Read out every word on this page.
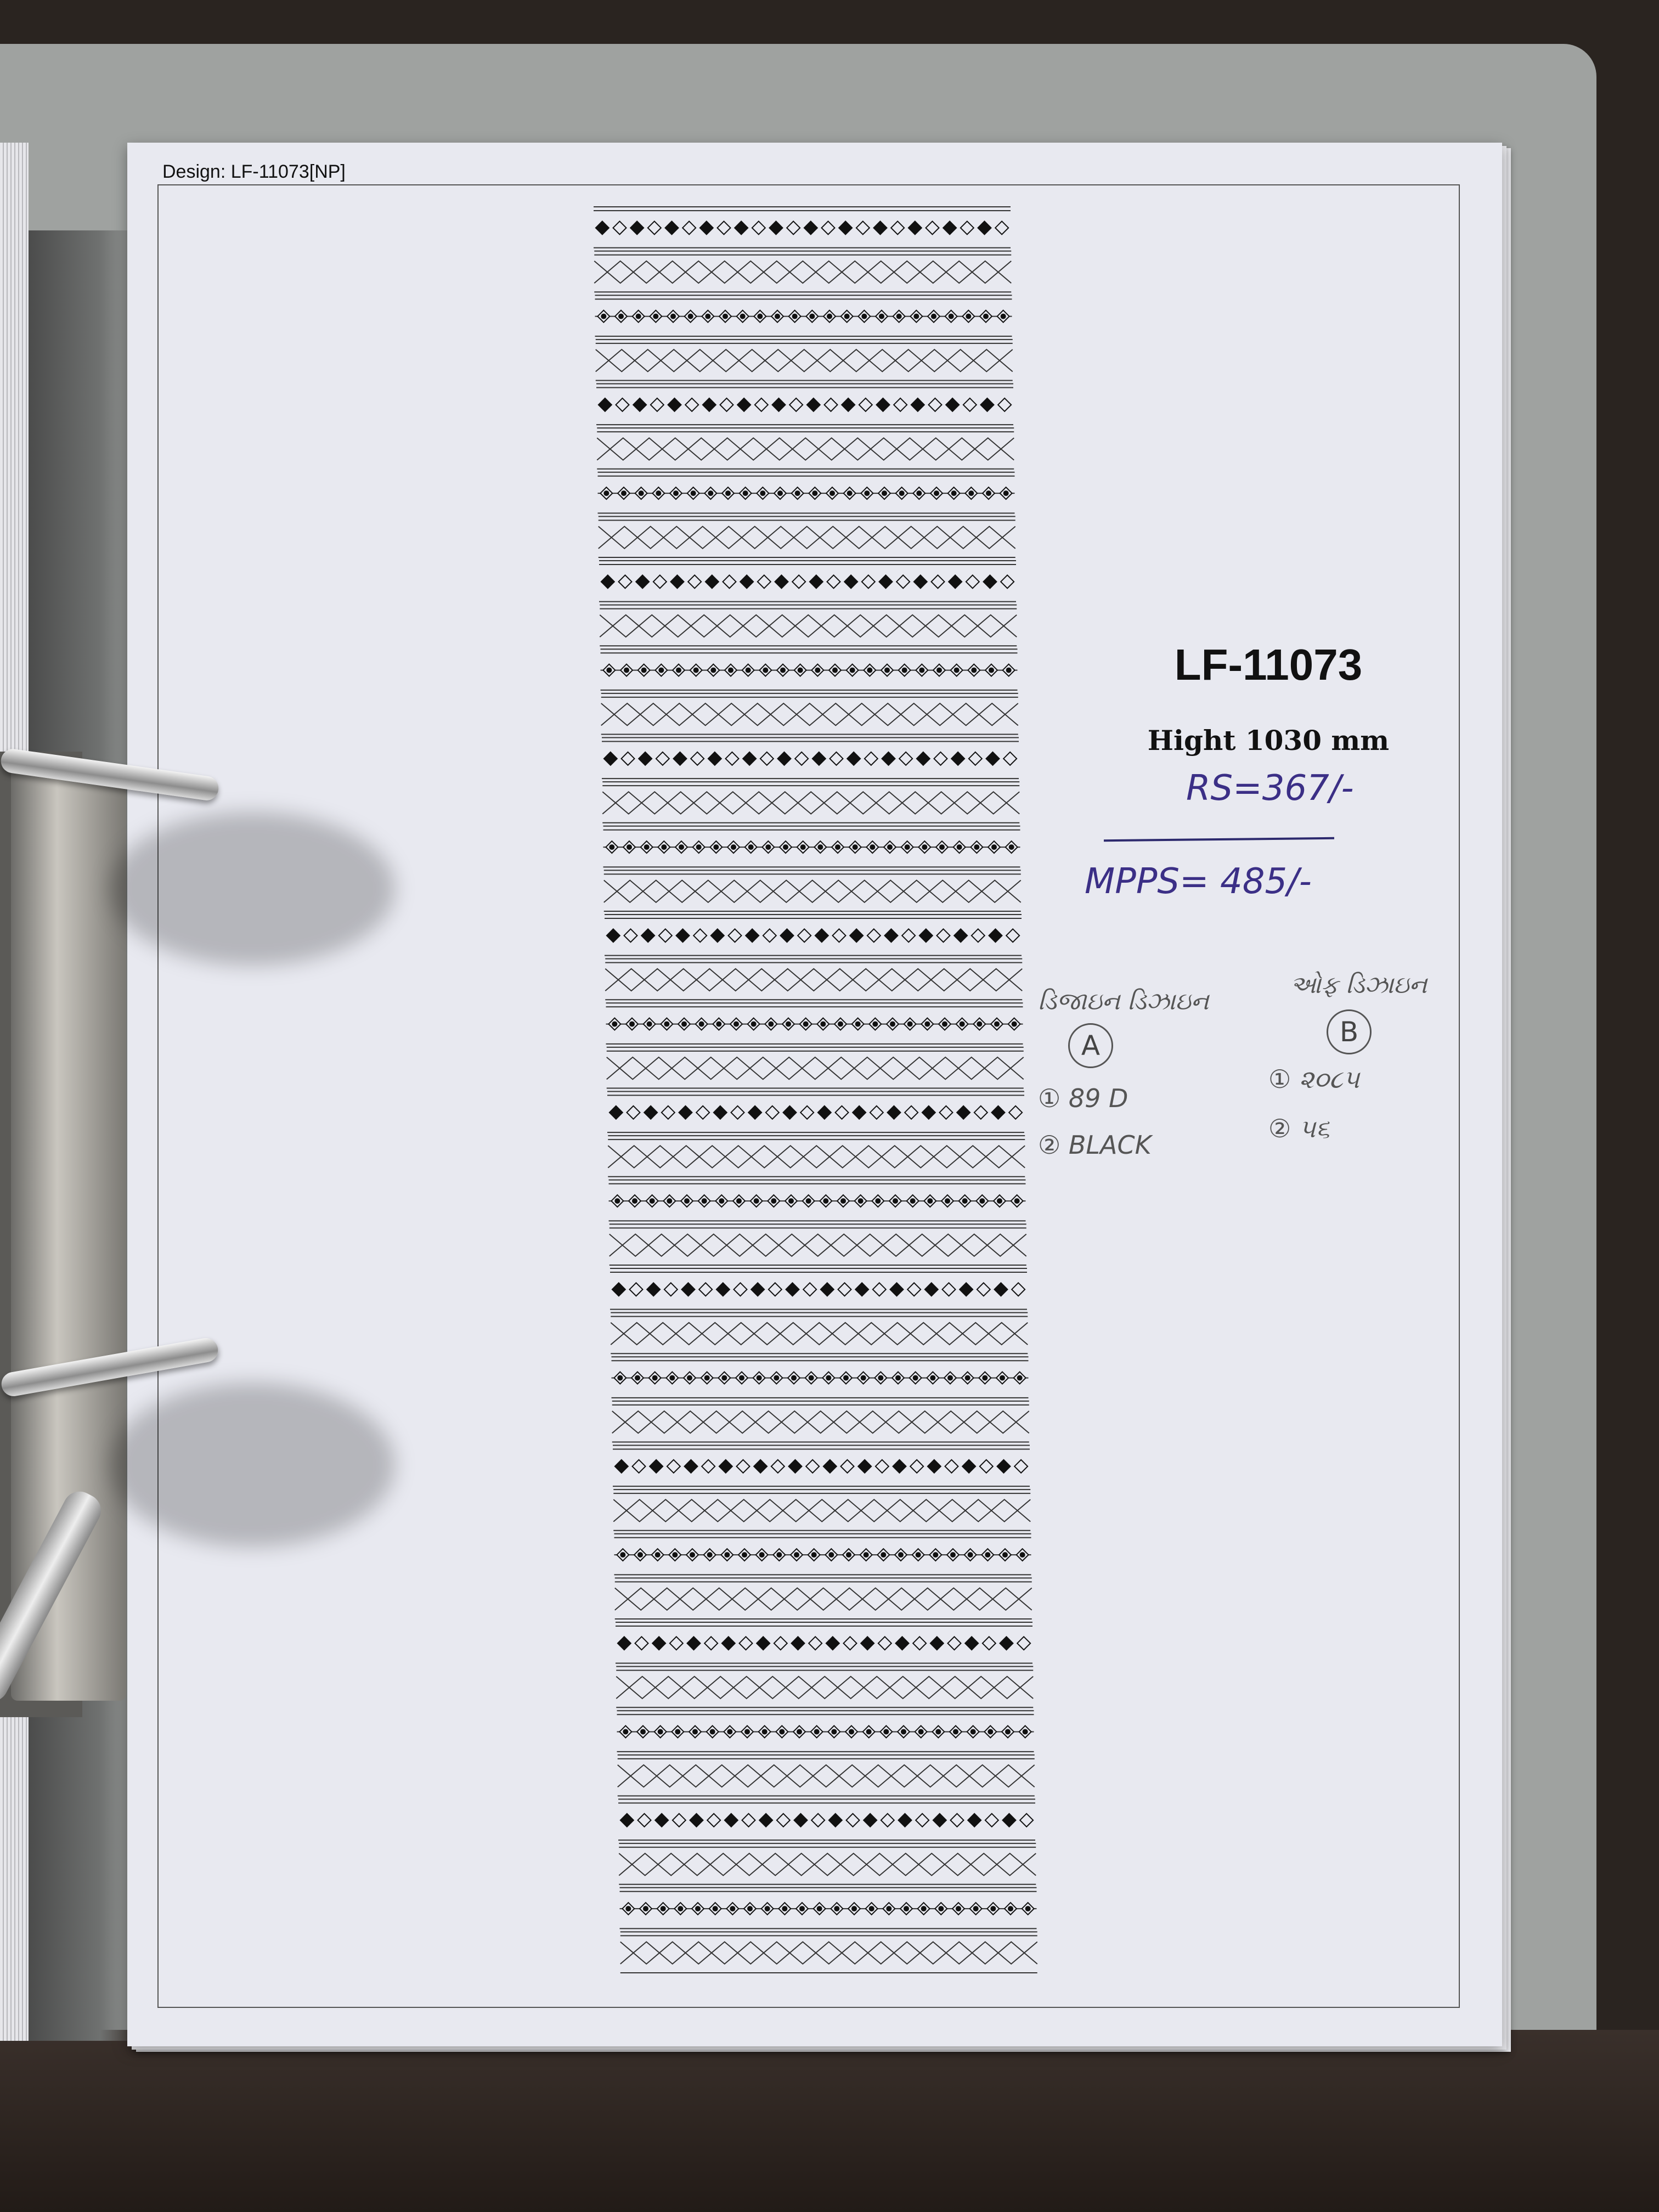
Design: LF-11073[NP]
LF-11073
Hight 1030 mm
RS=367/-
MPPS= 485/-
ડિજાઇન ડિઝાઇન
A
① 89 D
② BLACK
ઓફ ડિઝાઇન
B
① ૨૦૮૫
② ૫૬
